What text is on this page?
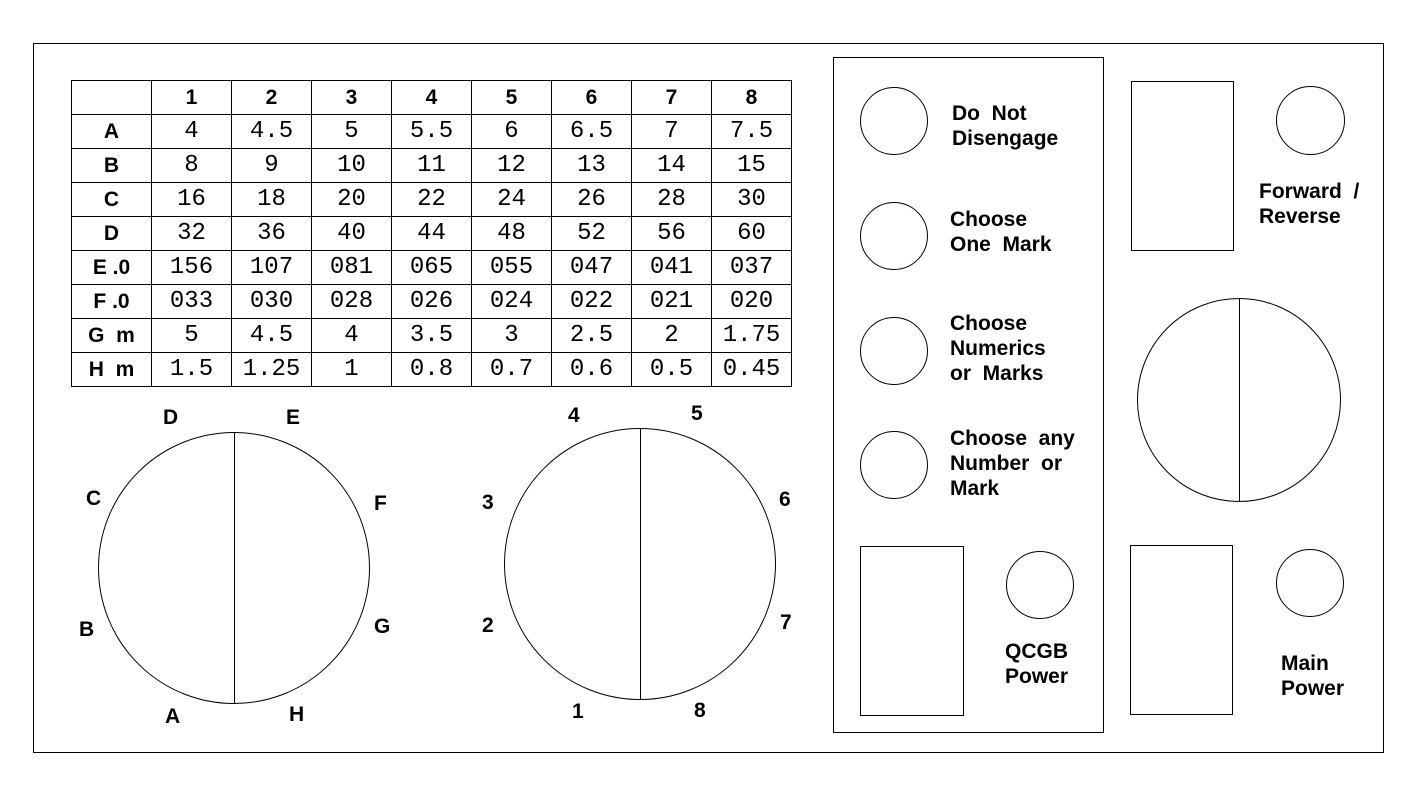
	1	2	3	4	5	6	7	8
A	4	4.5	5	5.5	6	6.5	7	7.5
B	8	9	10	11	12	13	14	15
C	16	18	20	22	24	26	28	30
D	32	36	40	44	48	52	56	60
E .0	156	107	081	065	055	047	041	037
F .0	033	030	028	026	024	022	021	020
G  m	5	4.5	4	3.5	3	2.5	2	1.75
H  m	1.5	1.25	1	0.8	0.7	0.6	0.5	0.45
D	E
C	F
B	G
A	H
4	5
3	6
2	7
1	8
Do  Not
Disengage
Choose
One  Mark
Choose
Numerics
or  Marks
Choose  any
Number  or
Mark
QCGB
Power
Forward  /
Reverse
Main
Power
